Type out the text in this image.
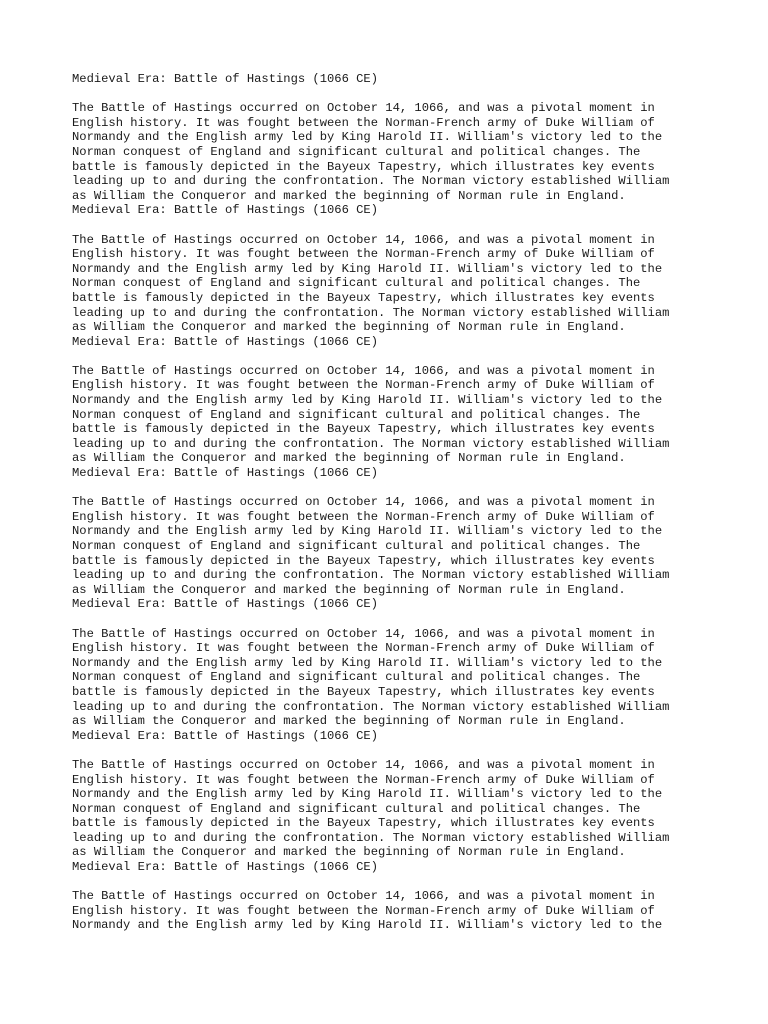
Medieval Era: Battle of Hastings (1066 CE)
The Battle of Hastings occurred on October 14, 1066, and was a pivotal moment in
English history. It was fought between the Norman-French army of Duke William of
Normandy and the English army led by King Harold II. William's victory led to the
Norman conquest of England and significant cultural and political changes. The
battle is famously depicted in the Bayeux Tapestry, which illustrates key events
leading up to and during the confrontation. The Norman victory established William
as William the Conqueror and marked the beginning of Norman rule in England.
Medieval Era: Battle of Hastings (1066 CE)
The Battle of Hastings occurred on October 14, 1066, and was a pivotal moment in
English history. It was fought between the Norman-French army of Duke William of
Normandy and the English army led by King Harold II. William's victory led to the
Norman conquest of England and significant cultural and political changes. The
battle is famously depicted in the Bayeux Tapestry, which illustrates key events
leading up to and during the confrontation. The Norman victory established William
as William the Conqueror and marked the beginning of Norman rule in England.
Medieval Era: Battle of Hastings (1066 CE)
The Battle of Hastings occurred on October 14, 1066, and was a pivotal moment in
English history. It was fought between the Norman-French army of Duke William of
Normandy and the English army led by King Harold II. William's victory led to the
Norman conquest of England and significant cultural and political changes. The
battle is famously depicted in the Bayeux Tapestry, which illustrates key events
leading up to and during the confrontation. The Norman victory established William
as William the Conqueror and marked the beginning of Norman rule in England.
Medieval Era: Battle of Hastings (1066 CE)
The Battle of Hastings occurred on October 14, 1066, and was a pivotal moment in
English history. It was fought between the Norman-French army of Duke William of
Normandy and the English army led by King Harold II. William's victory led to the
Norman conquest of England and significant cultural and political changes. The
battle is famously depicted in the Bayeux Tapestry, which illustrates key events
leading up to and during the confrontation. The Norman victory established William
as William the Conqueror and marked the beginning of Norman rule in England.
Medieval Era: Battle of Hastings (1066 CE)
The Battle of Hastings occurred on October 14, 1066, and was a pivotal moment in
English history. It was fought between the Norman-French army of Duke William of
Normandy and the English army led by King Harold II. William's victory led to the
Norman conquest of England and significant cultural and political changes. The
battle is famously depicted in the Bayeux Tapestry, which illustrates key events
leading up to and during the confrontation. The Norman victory established William
as William the Conqueror and marked the beginning of Norman rule in England.
Medieval Era: Battle of Hastings (1066 CE)
The Battle of Hastings occurred on October 14, 1066, and was a pivotal moment in
English history. It was fought between the Norman-French army of Duke William of
Normandy and the English army led by King Harold II. William's victory led to the
Norman conquest of England and significant cultural and political changes. The
battle is famously depicted in the Bayeux Tapestry, which illustrates key events
leading up to and during the confrontation. The Norman victory established William
as William the Conqueror and marked the beginning of Norman rule in England.
Medieval Era: Battle of Hastings (1066 CE)
The Battle of Hastings occurred on October 14, 1066, and was a pivotal moment in
English history. It was fought between the Norman-French army of Duke William of
Normandy and the English army led by King Harold II. William's victory led to the
